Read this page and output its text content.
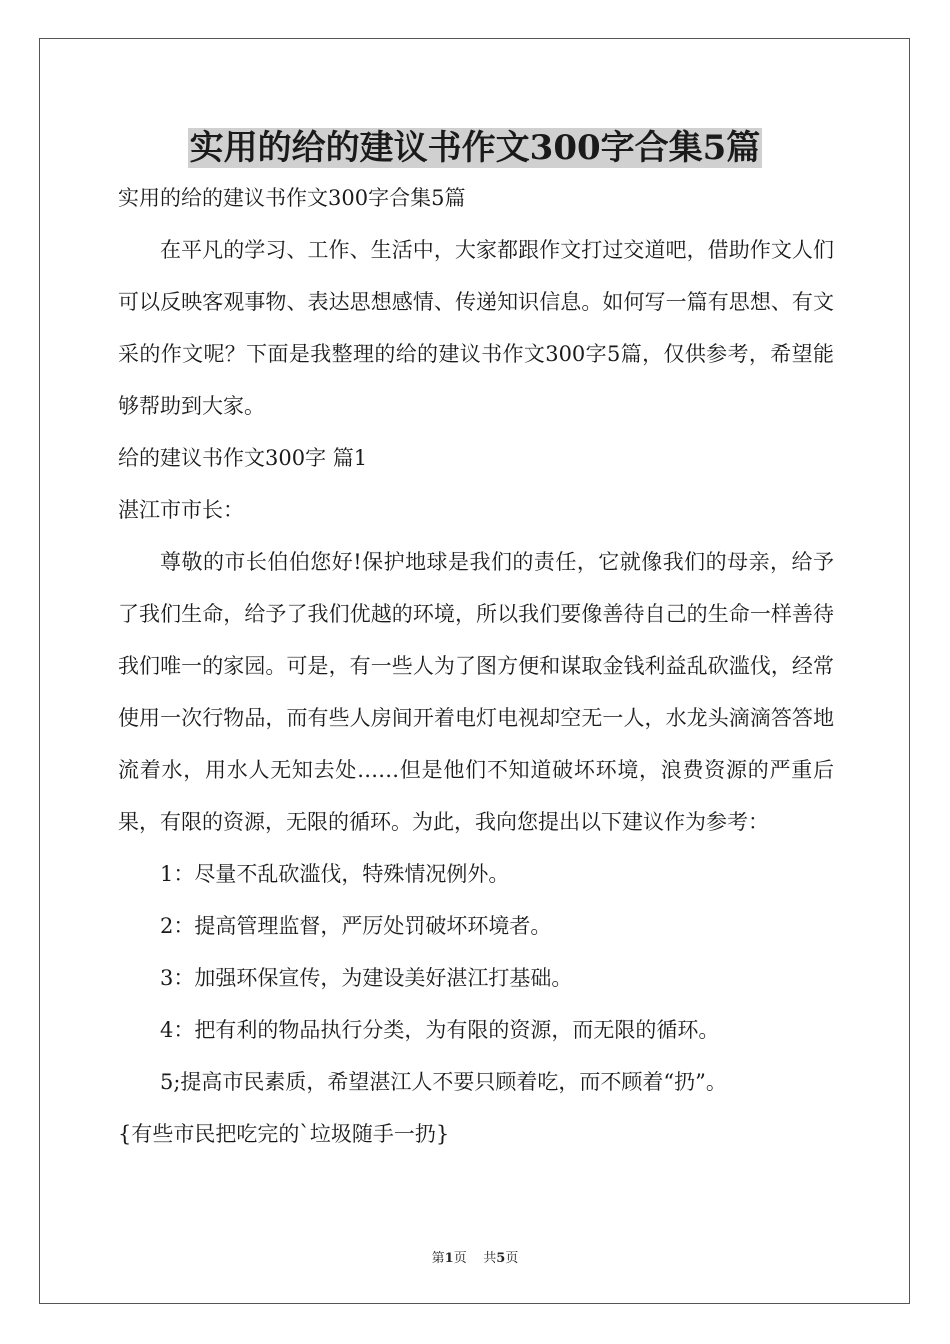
实用的给的建议书作文300字合集5篇

实用的给的建议书作文300字合集5篇

在平凡的学习、工作、生活中，大家都跟作文打过交道吧，借助作文人们可以反映客观事物、表达思想感情、传递知识信息。如何写一篇有思想、有文采的作文呢？下面是我整理的给的建议书作文300字5篇，仅供参考，希望能够帮助到大家。

给的建议书作文300字 篇1

湛江市市长：

尊敬的市长伯伯您好!保护地球是我们的责任，它就像我们的母亲，给予了我们生命，给予了我们优越的环境，所以我们要像善待自己的生命一样善待我们唯一的家园。可是，有一些人为了图方便和谋取金钱利益乱砍滥伐，经常使用一次行物品，而有些人房间开着电灯电视却空无一人，水龙头滴滴答答地流着水，用水人无知去处……但是他们不知道破坏环境，浪费资源的严重后果，有限的资源，无限的循环。为此，我向您提出以下建议作为参考：

1：尽量不乱砍滥伐，特殊情况例外。

2：提高管理监督，严厉处罚破坏环境者。

3：加强环保宣传，为建设美好湛江打基础。

4：把有利的物品执行分类，为有限的资源，而无限的循环。

5;提高市民素质，希望湛江人不要只顾着吃，而不顾着“扔”。

{有些市民把吃完的`垃圾随手一扔}

第1页 共5页
